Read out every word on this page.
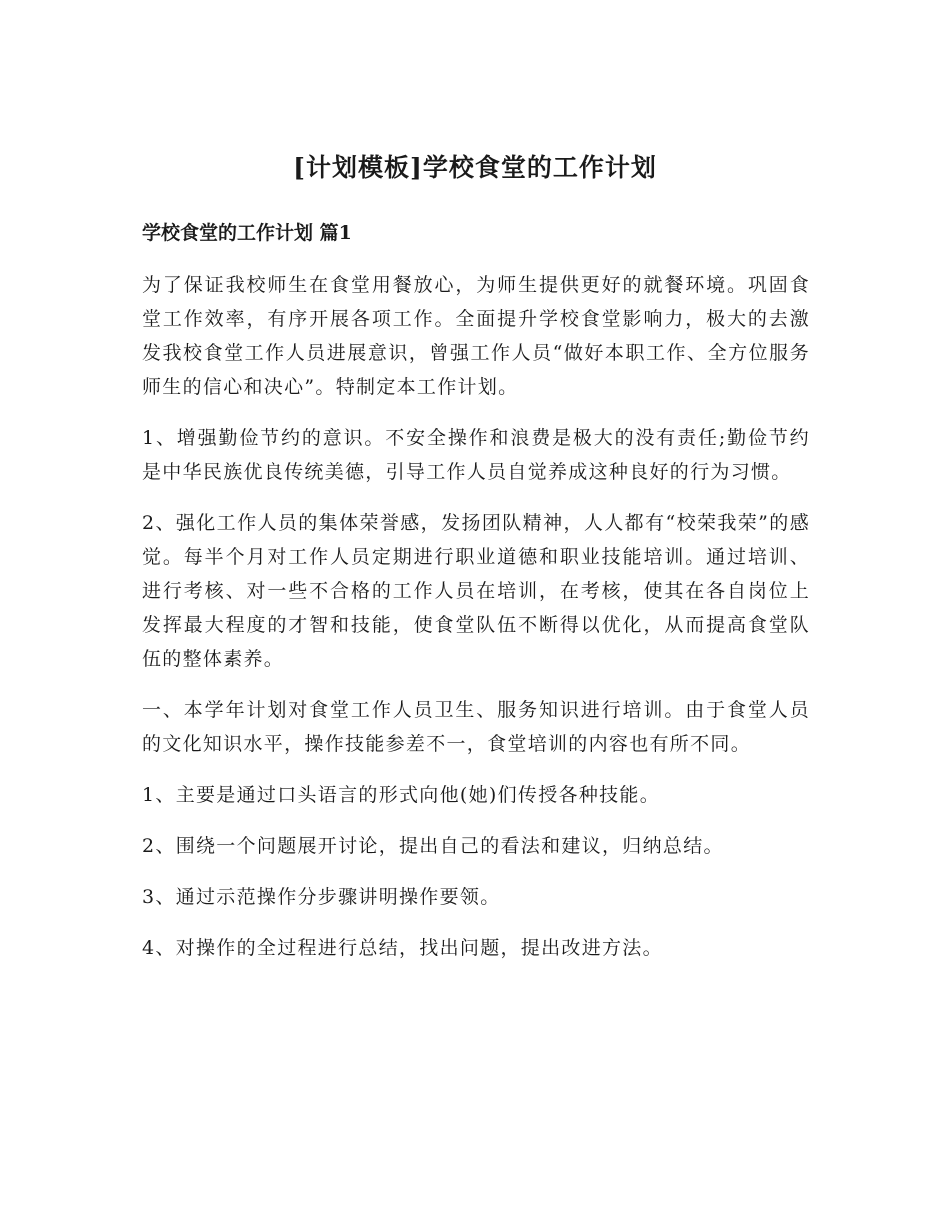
[计划模板]学校食堂的工作计划
学校食堂的工作计划 篇1

为了保证我校师生在食堂用餐放心，为师生提供更好的就餐环境。巩固食堂工作效率，有序开展各项工作。全面提升学校食堂影响力，极大的去激发我校食堂工作人员进展意识，曾强工作人员“做好本职工作、全方位服务师生的信心和决心”。特制定本工作计划。

1、增强勤俭节约的意识。不安全操作和浪费是极大的没有责任;勤俭节约是中华民族优良传统美德，引导工作人员自觉养成这种良好的行为习惯。

2、强化工作人员的集体荣誉感，发扬团队精神，人人都有“校荣我荣”的感觉。每半个月对工作人员定期进行职业道德和职业技能培训。通过培训、进行考核、对一些不合格的工作人员在培训，在考核，使其在各自岗位上发挥最大程度的才智和技能，使食堂队伍不断得以优化，从而提高食堂队伍的整体素养。

一、本学年计划对食堂工作人员卫生、服务知识进行培训。由于食堂人员的文化知识水平，操作技能参差不一，食堂培训的内容也有所不同。

1、主要是通过口头语言的形式向他(她)们传授各种技能。

2、围绕一个问题展开讨论，提出自己的看法和建议，归纳总结。

3、通过示范操作分步骤讲明操作要领。

4、对操作的全过程进行总结，找出问题，提出改进方法。
